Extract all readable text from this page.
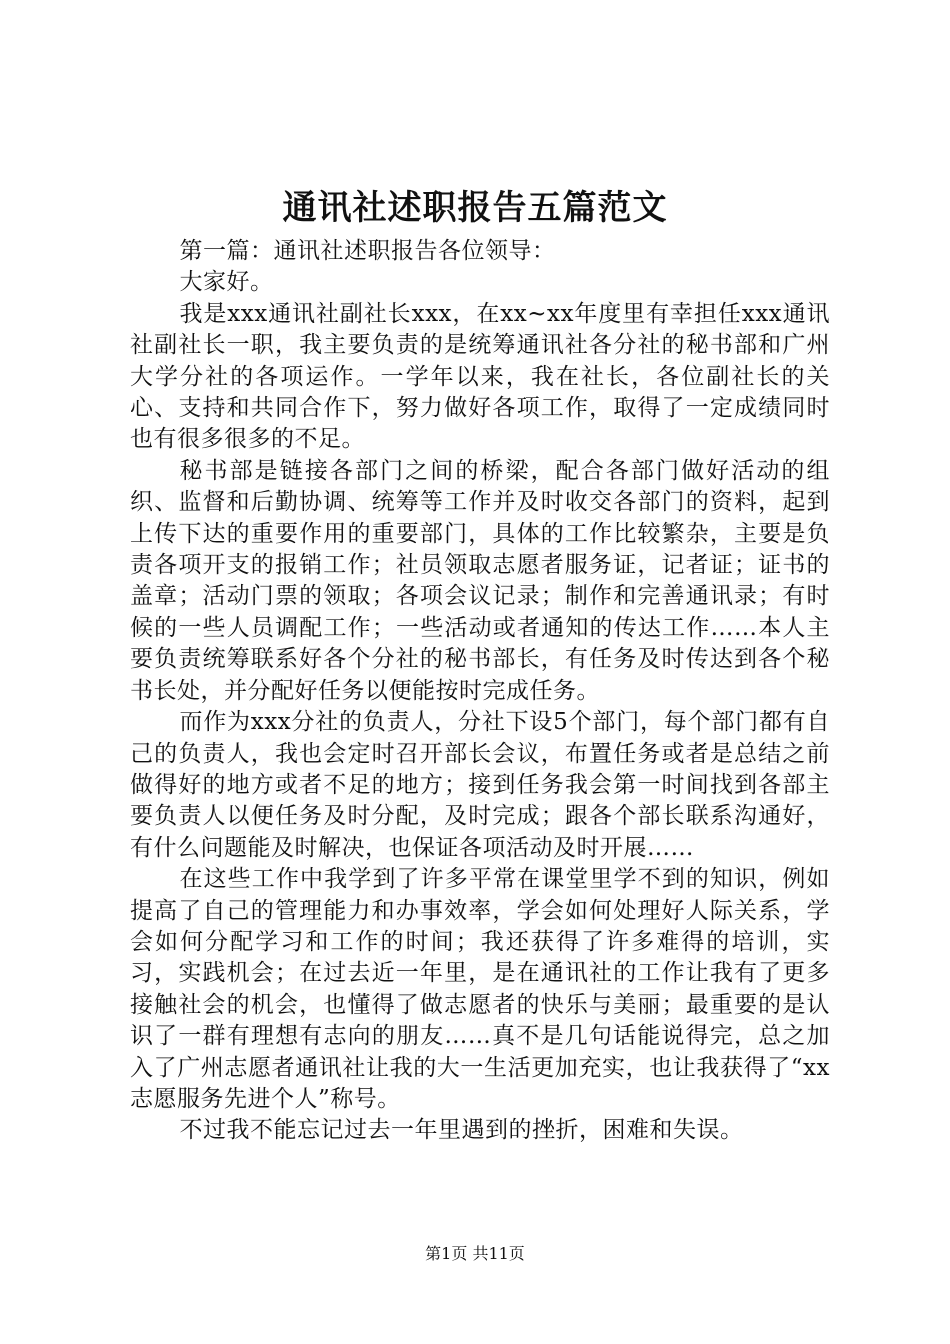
通讯社述职报告五篇范文

第一篇：通讯社述职报告各位领导：

大家好。

我是xxx通讯社副社长xxx，在xx~xx年度里有幸担任xxx通讯社副社长一职，我主要负责的是统筹通讯社各分社的秘书部和广州大学分社的各项运作。一学年以来，我在社长，各位副社长的关心、支持和共同合作下，努力做好各项工作，取得了一定成绩同时也有很多很多的不足。

秘书部是链接各部门之间的桥梁，配合各部门做好活动的组织、监督和后勤协调、统筹等工作并及时收交各部门的资料，起到上传下达的重要作用的重要部门，具体的工作比较繁杂，主要是负责各项开支的报销工作；社员领取志愿者服务证，记者证；证书的盖章；活动门票的领取；各项会议记录；制作和完善通讯录；有时候的一些人员调配工作；一些活动或者通知的传达工作……本人主要负责统筹联系好各个分社的秘书部长，有任务及时传达到各个秘书长处，并分配好任务以便能按时完成任务。

而作为xxx分社的负责人，分社下设5个部门，每个部门都有自己的负责人，我也会定时召开部长会议，布置任务或者是总结之前做得好的地方或者不足的地方；接到任务我会第一时间找到各部主要负责人以便任务及时分配，及时完成；跟各个部长联系沟通好，有什么问题能及时解决，也保证各项活动及时开展……

在这些工作中我学到了许多平常在课堂里学不到的知识，例如提高了自己的管理能力和办事效率，学会如何处理好人际关系，学会如何分配学习和工作的时间；我还获得了许多难得的培训，实习，实践机会；在过去近一年里，是在通讯社的工作让我有了更多接触社会的机会，也懂得了做志愿者的快乐与美丽；最重要的是认识了一群有理想有志向的朋友……真不是几句话能说得完，总之加入了广州志愿者通讯社让我的大一生活更加充实，也让我获得了“xx志愿服务先进个人”称号。

不过我不能忘记过去一年里遇到的挫折，困难和失误。

第1页 共11页
